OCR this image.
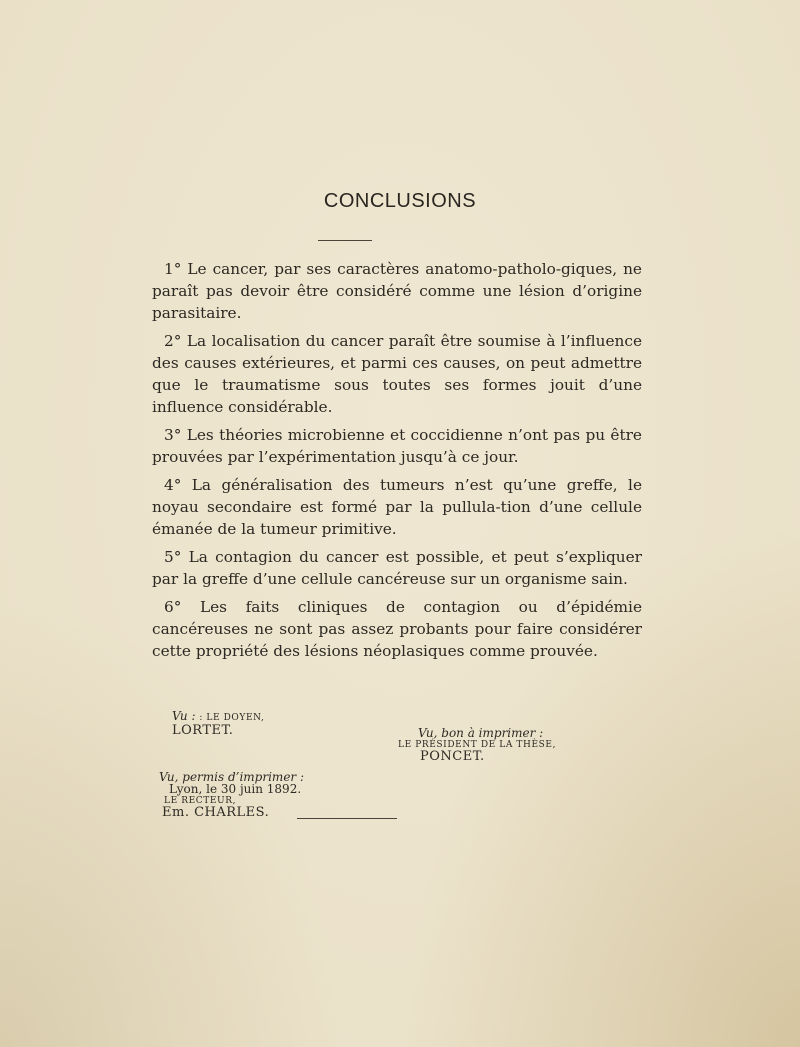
CONCLUSIONS

1° Le cancer, par ses caractères anatomo-patholo-giques, ne paraît pas devoir être considéré comme une lésion d’origine parasitaire.

2° La localisation du cancer paraît être soumise à l’influence des causes extérieures, et parmi ces causes, on peut admettre que le traumatisme sous toutes ses formes jouit d’une influence considérable.

3° Les théories microbienne et coccidienne n’ont pas pu être prouvées par l’expérimentation jusqu’à ce jour.

4° La généralisation des tumeurs n’est qu’une greffe, le noyau secondaire est formé par la pullula-tion d’une cellule émanée de la tumeur primitive.

5° La contagion du cancer est possible, et peut s’expliquer par la greffe d’une cellule cancéreuse sur un organisme sain.

6° Les faits cliniques de contagion ou d’épidémie cancéreuses ne sont pas assez probants pour faire considérer cette propriété des lésions néoplasiques comme prouvée.

Vu : : LE DOYEN,
LORTET.	Vu, bon à imprimer :
LE PRÉSIDENT DE LA THÈSE,
PONCET.
Vu, permis d’imprimer :
Lyon, le 30 juin 1892.
LE RECTEUR,
Em. CHARLES.
